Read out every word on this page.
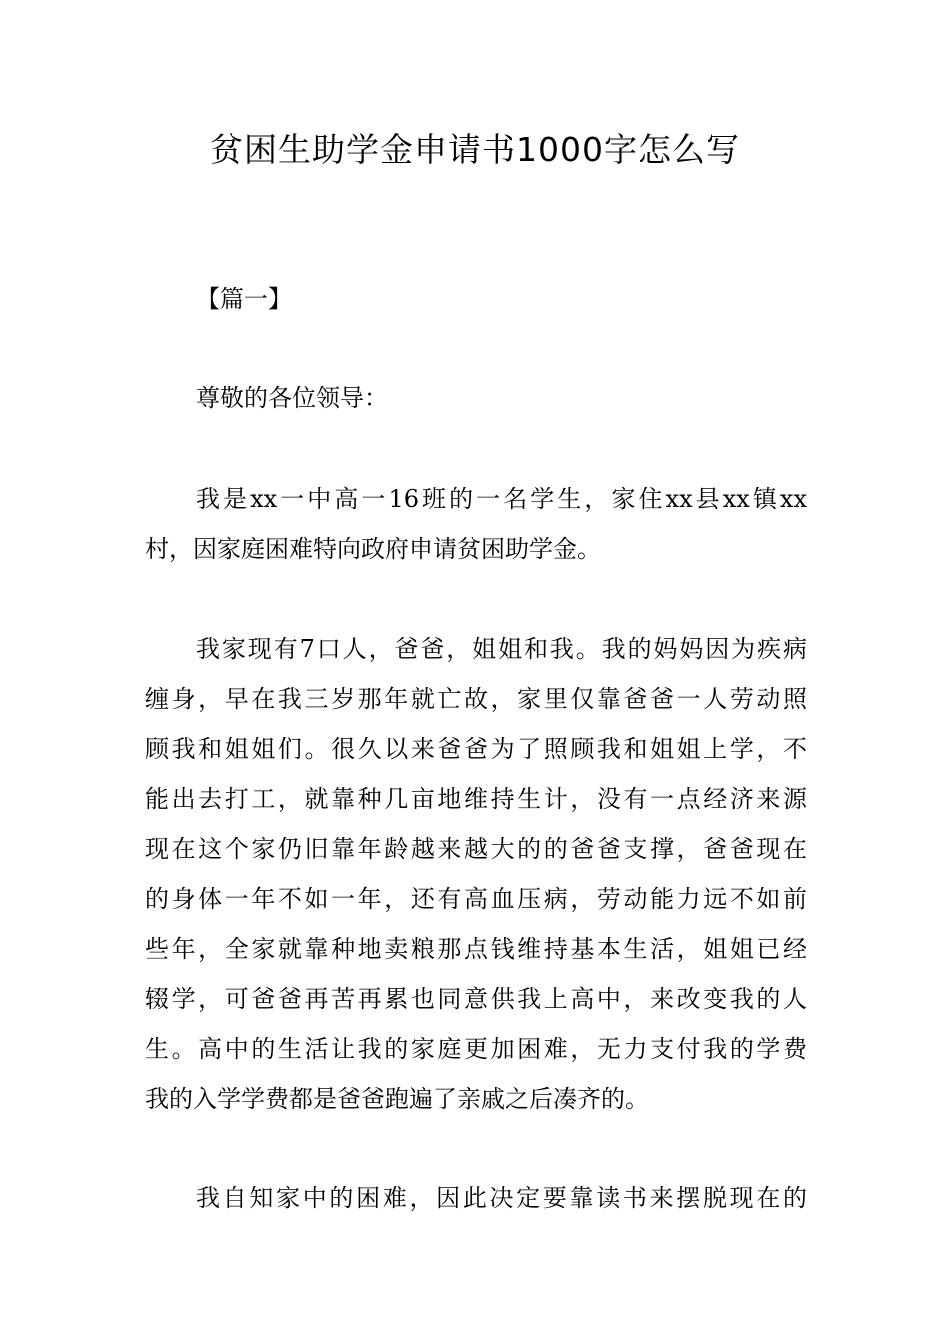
贫困生助学金申请书1000字怎么写
【篇一】
尊敬的各位领导：
我是xx一中高一16班的一名学生，家住xx县xx镇xx
村，因家庭困难特向政府申请贫困助学金。
我家现有7口人，爸爸，姐姐和我。我的妈妈因为疾病
缠身，早在我三岁那年就亡故，家里仅靠爸爸一人劳动照
顾我和姐姐们。很久以来爸爸为了照顾我和姐姐上学，不
能出去打工，就靠种几亩地维持生计，没有一点经济来源
现在这个家仍旧靠年龄越来越大的的爸爸支撑，爸爸现在
的身体一年不如一年，还有高血压病，劳动能力远不如前
些年，全家就靠种地卖粮那点钱维持基本生活，姐姐已经
辍学，可爸爸再苦再累也同意供我上高中，来改变我的人
生。高中的生活让我的家庭更加困难，无力支付我的学费
我的入学学费都是爸爸跑遍了亲戚之后凑齐的。
我自知家中的困难，因此决定要靠读书来摆脱现在的
